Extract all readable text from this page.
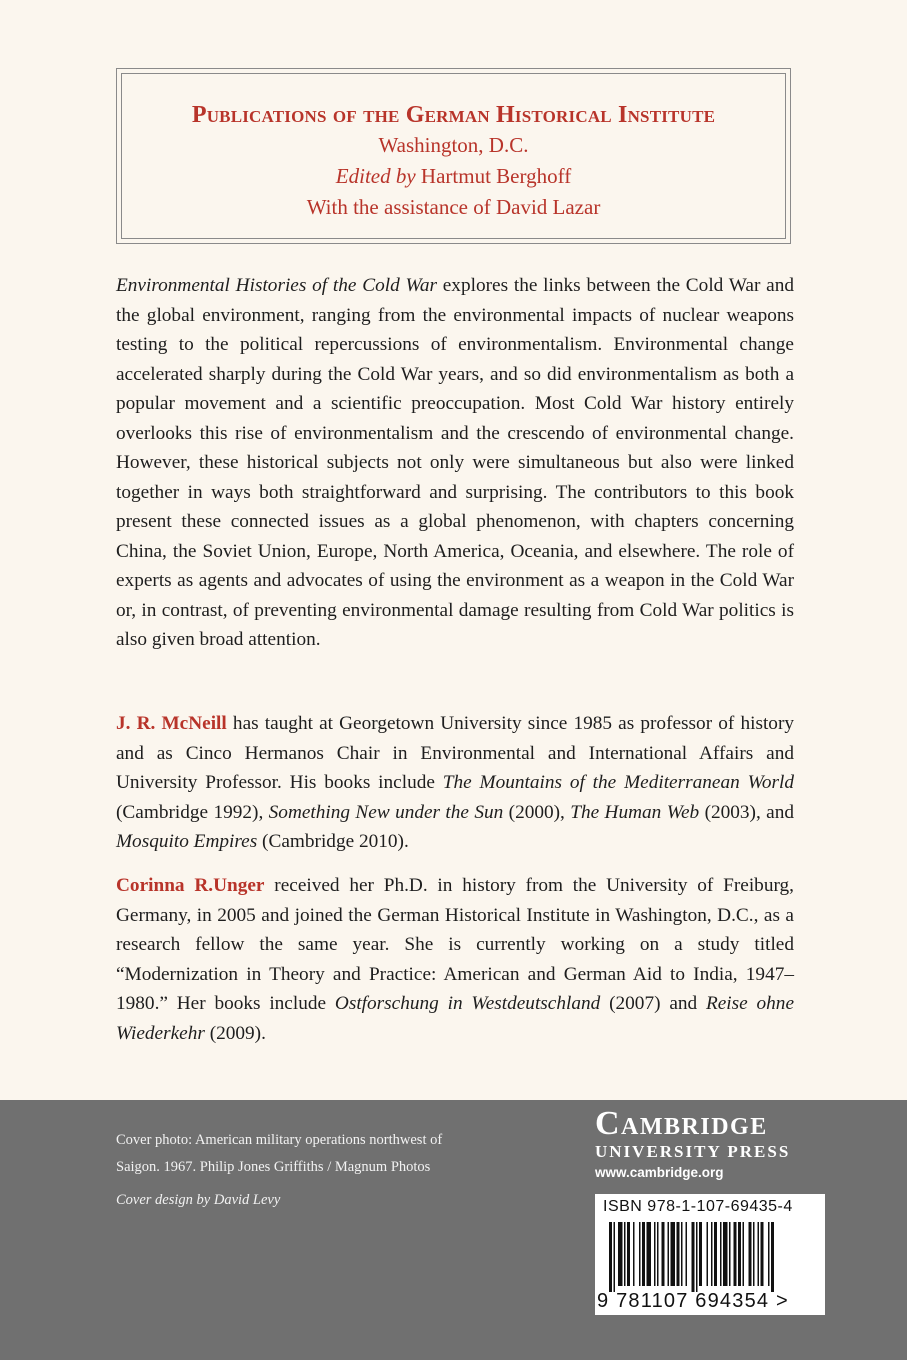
Publications of the German Historical Institute
Washington, D.C.
Edited by Hartmut Berghoff
With the assistance of David Lazar

Environmental Histories of the Cold War explores the links between the Cold War and the global environment, ranging from the environmental impacts of nuclear weapons testing to the political repercussions of environmentalism. Environmental change accelerated sharply during the Cold War years, and so did environmentalism as both a popular movement and a scientific preoccupation. Most Cold War history entirely overlooks this rise of environmentalism and the crescendo of environmental change. However, these historical subjects not only were simultaneous but also were linked together in ways both straightforward and surprising. The contributors to this book present these connected issues as a global phenomenon, with chapters concerning China, the Soviet Union, Europe, North America, Oceania, and elsewhere. The role of experts as agents and advocates of using the environment as a weapon in the Cold War or, in contrast, of preventing environmental damage resulting from Cold War politics is also given broad attention.

J. R. McNeill has taught at Georgetown University since 1985 as professor of history and as Cinco Hermanos Chair in Environmental and International Affairs and University Professor. His books include The Mountains of the Mediterranean World (Cambridge 1992), Something New under the Sun (2000), The Human Web (2003), and Mosquito Empires (Cambridge 2010).

Corinna R.Unger received her Ph.D. in history from the University of Freiburg, Germany, in 2005 and joined the German Historical Institute in Washington, D.C., as a research fellow the same year. She is currently working on a study titled “Modernization in Theory and Practice: American and German Aid to India, 1947–1980.” Her books include Ostforschung in Westdeutschland (2007) and Reise ohne Wiederkehr (2009).

Cover photo: American military operations northwest of
Saigon. 1967. Philip Jones Griffiths / Magnum Photos
Cover design by David Levy
Cambridge
UNIVERSITY PRESS
www.cambridge.org
ISBN 978-1-107-69435-4
9 781107 694354 >
